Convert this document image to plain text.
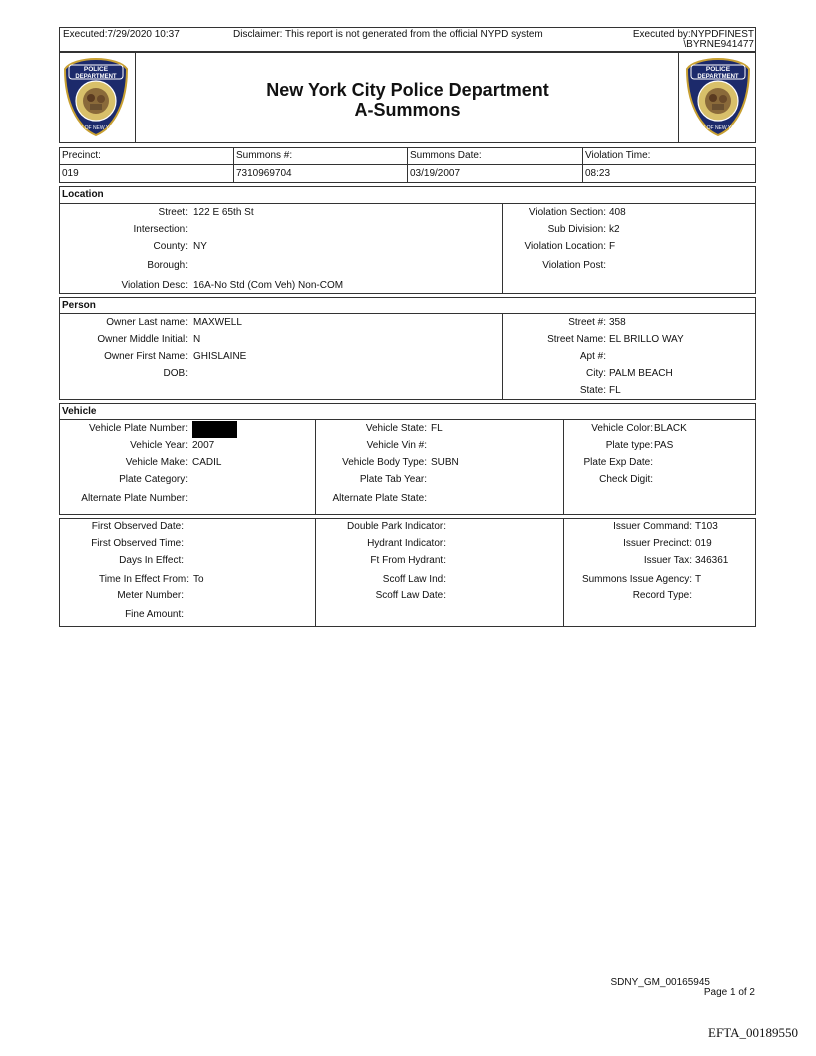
Executed:7/29/2020 10:37	Disclaimer: This report is not generated from the official NYPD system	Executed by:NYPDFINEST
\BYRNE941477
POLICE
DEPARTMENT
CITY OF NEW YORK
POLICE
DEPARTMENT
CITY OF NEW YORK
New York City Police Department
A-Summons
Precinct:
019
Summons #:
7310969704
Summons Date:
03/19/2007
Violation Time:
08:23
Location
Street: 122 E 65th St
Intersection:
County: NY
Borough:
Violation Desc: 16A-No Std (Com Veh) Non-COM
Violation Section: 408
Sub Division: k2
Violation Location: F
Violation Post:
Person
Owner Last name: MAXWELL
Owner Middle Initial: N
Owner First Name: GHISLAINE
DOB:
Street #: 358
Street Name: EL BRILLO WAY
Apt #:
City: PALM BEACH
State: FL
Vehicle
Vehicle Plate Number:
Vehicle Year: 2007
Vehicle Make: CADIL
Plate Category:
Alternate Plate Number:
Vehicle State: FL
Vehicle Vin #:
Vehicle Body Type: SUBN
Plate Tab Year:
Alternate Plate State:
Vehicle Color: BLACK
Plate type: PAS
Plate Exp Date:
Check Digit:
First Observed Date:
First Observed Time:
Days In Effect:
Time In Effect From: To
Meter Number:
Fine Amount:
Double Park Indicator:
Hydrant Indicator:
Ft From Hydrant:
Scoff Law Ind:
Scoff Law Date:
Issuer Command: T103
Issuer Precinct: 019
Issuer Tax: 346361
Summons Issue Agency: T
Record Type:
SDNY_GM_00165945
Page 1 of 2
EFTA_00189550
